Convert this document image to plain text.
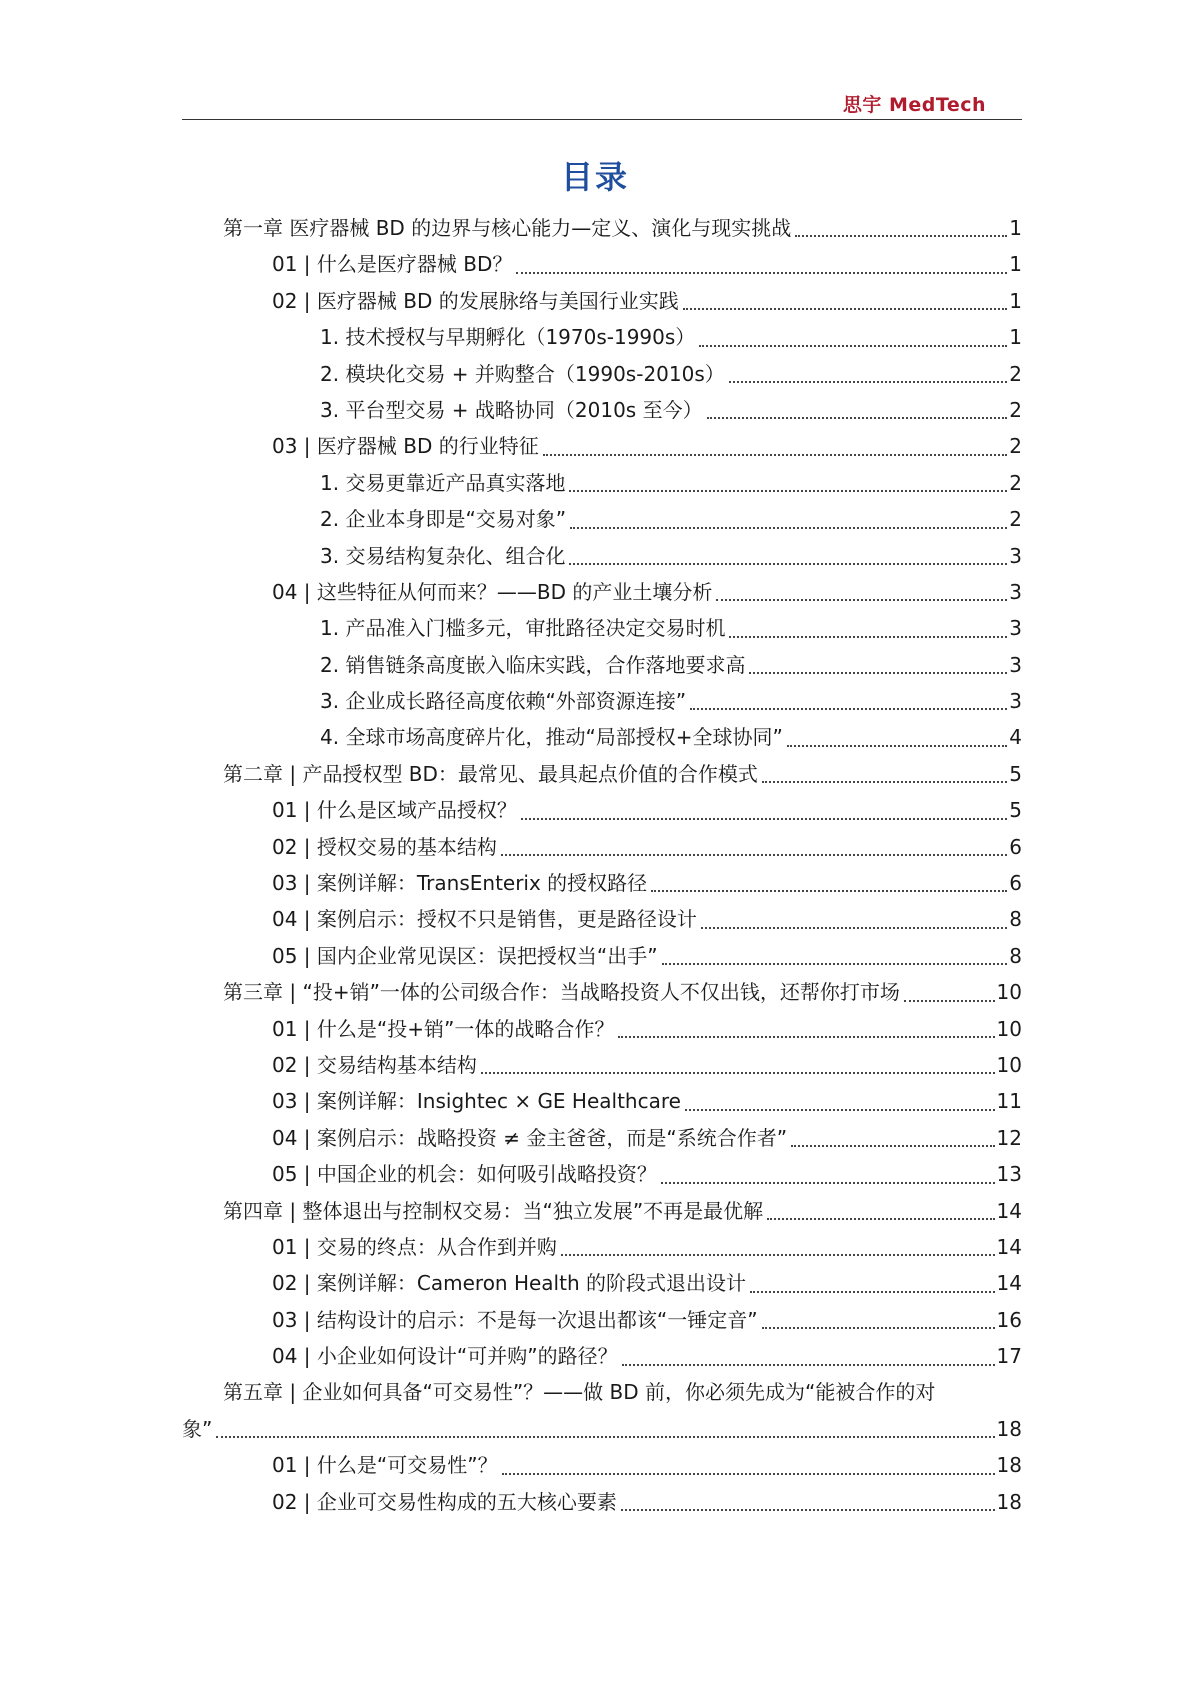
思宇 MedTech
目录
第一章 医疗器械 BD 的边界与核心能力—定义、演化与现实挑战	1
01 | 什么是医疗器械 BD？	1
02 | 医疗器械 BD 的发展脉络与美国行业实践	1
1. 技术授权与早期孵化（1970s-1990s）	1
2. 模块化交易 + 并购整合（1990s-2010s）	2
3. 平台型交易 + 战略协同（2010s 至今）	2
03 | 医疗器械 BD 的行业特征	2
1. 交易更靠近产品真实落地	2
2. 企业本身即是“交易对象”	2
3. 交易结构复杂化、组合化	3
04 | 这些特征从何而来？——BD 的产业土壤分析	3
1. 产品准入门槛多元，审批路径决定交易时机	3
2. 销售链条高度嵌入临床实践，合作落地要求高	3
3. 企业成长路径高度依赖“外部资源连接”	3
4. 全球市场高度碎片化，推动“局部授权+全球协同”	4
第二章 | 产品授权型 BD：最常见、最具起点价值的合作模式	5
01 | 什么是区域产品授权？	5
02 | 授权交易的基本结构	6
03 | 案例详解：TransEnterix 的授权路径	6
04 | 案例启示：授权不只是销售，更是路径设计	8
05 | 国内企业常见误区：误把授权当“出手”	8
第三章 | “投+销”一体的公司级合作：当战略投资人不仅出钱，还帮你打市场	10
01 | 什么是“投+销”一体的战略合作？	10
02 | 交易结构基本结构	10
03 | 案例详解：Insightec × GE Healthcare	11
04 | 案例启示：战略投资 ≠ 金主爸爸，而是“系统合作者”	12
05 | 中国企业的机会：如何吸引战略投资？	13
第四章 | 整体退出与控制权交易：当“独立发展”不再是最优解	14
01 | 交易的终点：从合作到并购	14
02 | 案例详解：Cameron Health 的阶段式退出设计	14
03 | 结构设计的启示：不是每一次退出都该“一锤定音”	16
04 | 小企业如何设计“可并购”的路径？	17
第五章 | 企业如何具备“可交易性”？——做 BD 前，你必须先成为“能被合作的对
象”	18
01 | 什么是“可交易性”？	18
02 | 企业可交易性构成的五大核心要素	18
